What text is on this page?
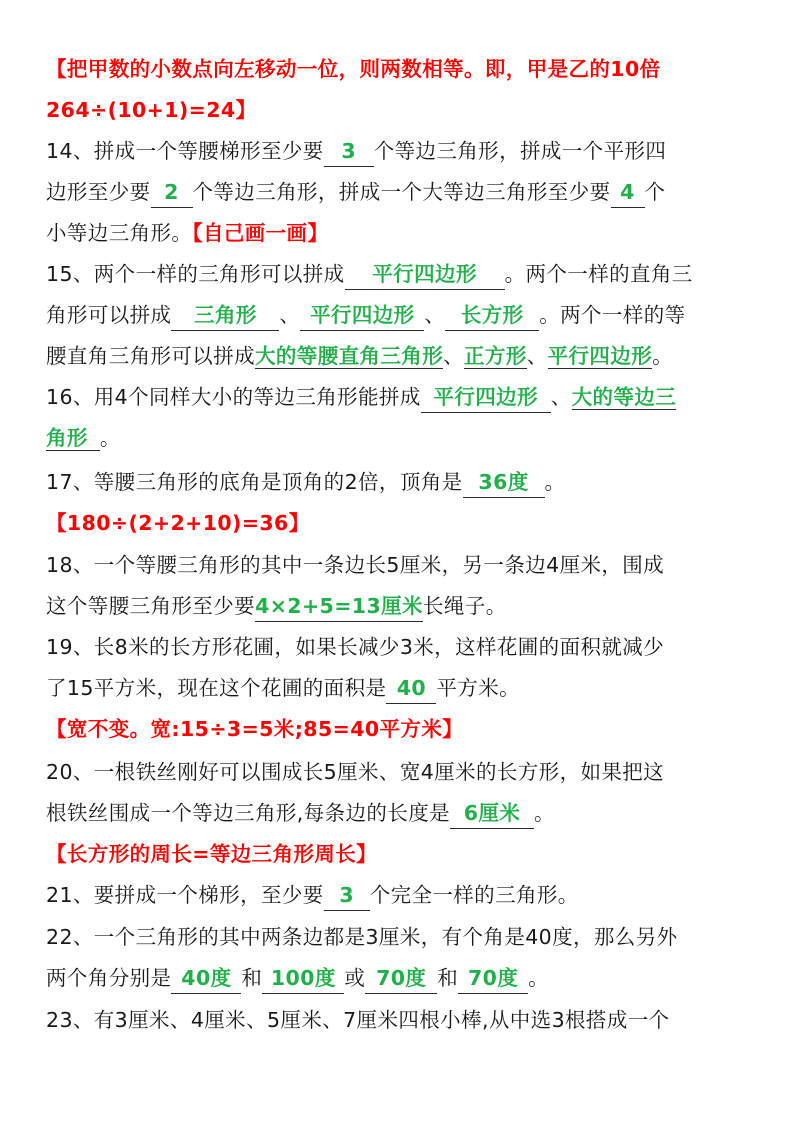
【把甲数的小数点向左移动一位，则两数相等。即，甲是乙的10倍
264÷(10+1)=24】
14、拼成一个等腰梯形至少要 3 个等边三角形，拼成一个平形四
边形至少要 2 个等边三角形，拼成一个大等边三角形至少要 4 个
小等边三角形。【自己画一画】
15、两个一样的三角形可以拼成 平行四边形 。两个一样的直角三
角形可以拼成 三角形 、 平行四边形 、 长方形 。两个一样的等
腰直角三角形可以拼成大的等腰直角三角形、正方形、平行四边形。
16、用4个同样大小的等边三角形能拼成 平行四边形 、大的等边三
角形 。
17、等腰三角形的底角是顶角的2倍，顶角是 36度 。
【180÷(2+2+10)=36】
18、一个等腰三角形的其中一条边长5厘米，另一条边4厘米，围成
这个等腰三角形至少要4×2+5=13厘米长绳子。
19、长8米的长方形花圃，如果长减少3米，这样花圃的面积就减少
了15平方米，现在这个花圃的面积是 40 平方米。
【宽不变。宽:15÷3=5米;85=40平方米】
20、一根铁丝刚好可以围成长5厘米、宽4厘米的长方形，如果把这
根铁丝围成一个等边三角形,每条边的长度是 6厘米 。
【长方形的周长=等边三角形周长】
21、要拼成一个梯形，至少要 3 个完全一样的三角形。
22、一个三角形的其中两条边都是3厘米，有个角是40度，那么另外
两个角分别是 40度 和 100度 或 70度 和 70度 。
23、有3厘米、4厘米、5厘米、7厘米四根小棒,从中选3根搭成一个
